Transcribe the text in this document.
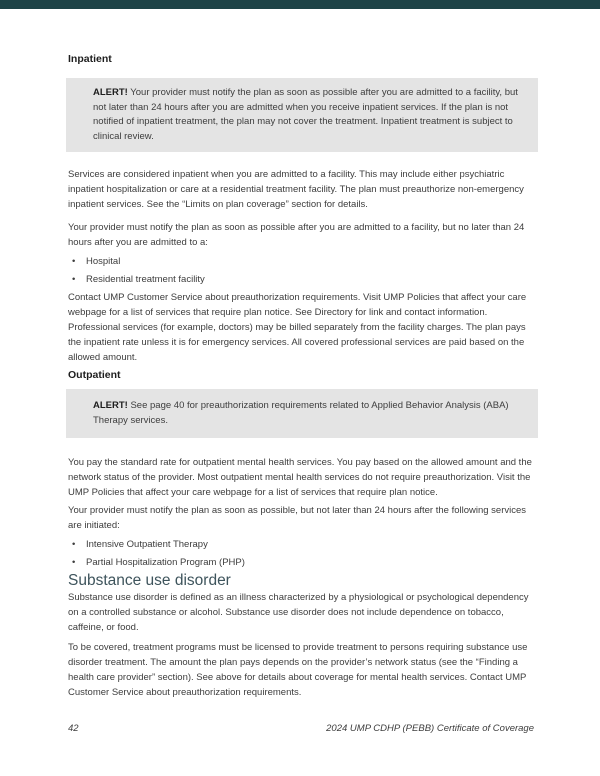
Inpatient
ALERT! Your provider must notify the plan as soon as possible after you are admitted to a facility, but not later than 24 hours after you are admitted when you receive inpatient services. If the plan is not notified of inpatient treatment, the plan may not cover the treatment. Inpatient treatment is subject to clinical review.

Services are considered inpatient when you are admitted to a facility. This may include either psychiatric inpatient hospitalization or care at a residential treatment facility. The plan must preauthorize non-emergency inpatient services. See the “Limits on plan coverage” section for details.

Your provider must notify the plan as soon as possible after you are admitted to a facility, but no later than 24 hours after you are admitted to a:

• Hospital
• Residential treatment facility

Contact UMP Customer Service about preauthorization requirements. Visit UMP Policies that affect your care webpage for a list of services that require plan notice. See Directory for link and contact information.

Professional services (for example, doctors) may be billed separately from the facility charges. The plan pays the inpatient rate unless it is for emergency services. All covered professional services are paid based on the allowed amount.

Outpatient
ALERT! See page 40 for preauthorization requirements related to Applied Behavior Analysis (ABA) Therapy services.

You pay the standard rate for outpatient mental health services. You pay based on the allowed amount and the network status of the provider. Most outpatient mental health services do not require preauthorization. Visit the UMP Policies that affect your care webpage for a list of services that require plan notice.

Your provider must notify the plan as soon as possible, but not later than 24 hours after the following services are initiated:

• Intensive Outpatient Therapy
• Partial Hospitalization Program (PHP)
Substance use disorder

Substance use disorder is defined as an illness characterized by a physiological or psychological dependency on a controlled substance or alcohol. Substance use disorder does not include dependence on tobacco, caffeine, or food.

To be covered, treatment programs must be licensed to provide treatment to persons requiring substance use disorder treatment. The amount the plan pays depends on the provider’s network status (see the “Finding a health care provider” section). See above for details about coverage for mental health services. Contact UMP Customer Service about preauthorization requirements.

42	2024 UMP CDHP (PEBB) Certificate of Coverage
